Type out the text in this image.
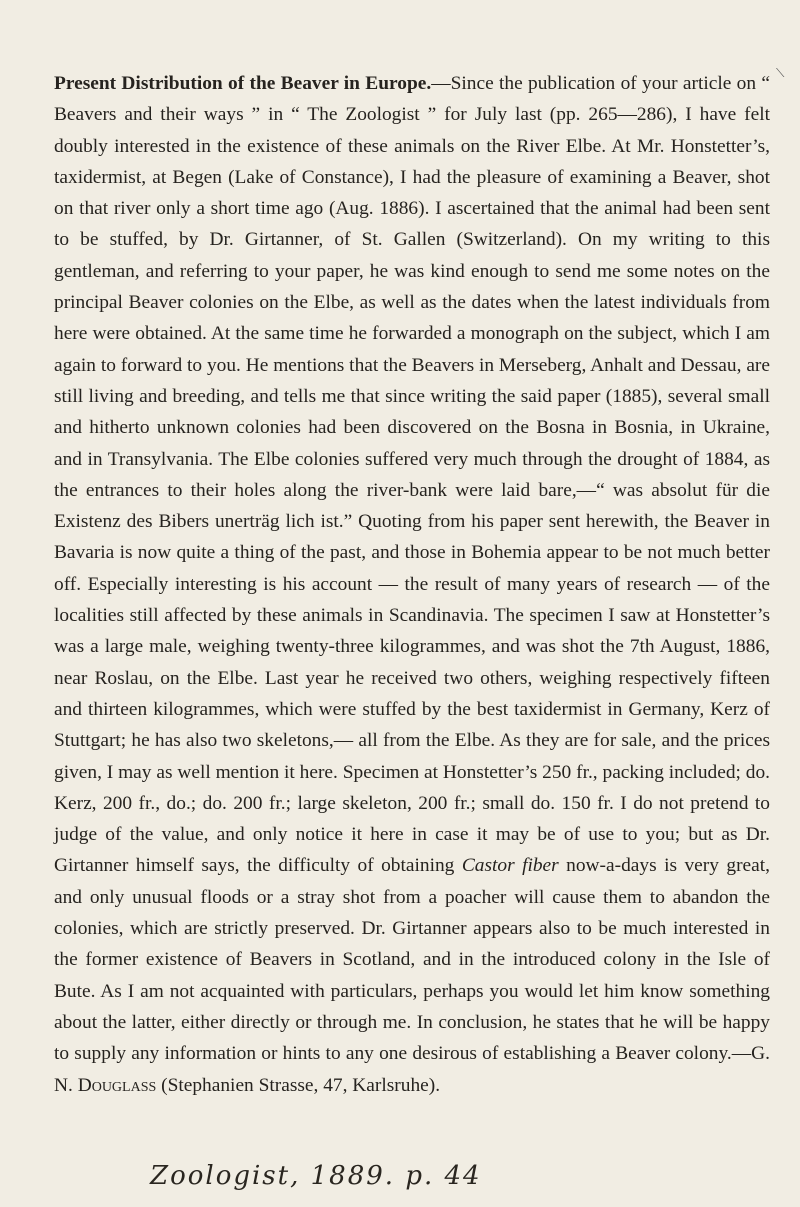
⟍
Present Distribution of the Beaver in Europe.—Since the publication of your article on “ Beavers and their ways ” in “ The Zoologist ” for July last (pp. 265—286), I have felt doubly interested in the existence of these animals on the River Elbe. At Mr. Honstetter’s, taxidermist, at Begen (Lake of Constance), I had the pleasure of examining a Beaver, shot on that river only a short time ago (Aug. 1886). I ascertained that the animal had been sent to be stuffed, by Dr. Girtanner, of St. Gallen (Switzerland). On my writing to this gentleman, and referring to your paper, he was kind enough to send me some notes on the principal Beaver colonies on the Elbe, as well as the dates when the latest individuals from here were obtained. At the same time he forwarded a monograph on the subject, which I am again to forward to you. He mentions that the Beavers in Merseberg, Anhalt and Dessau, are still living and breeding, and tells me that since writing the said paper (1885), several small and hitherto unknown colonies had been discovered on the Bosna in Bosnia, in Ukraine, and in Transylvania. The Elbe colonies suffered very much through the drought of 1884, as the entrances to their holes along the river-bank were laid bare,—“ was absolut für die Existenz des Bibers unerträg lich ist.” Quoting from his paper sent herewith, the Beaver in Bavaria is now quite a thing of the past, and those in Bohemia appear to be not much better off. Especially interesting is his account — the result of many years of research — of the localities still affected by these animals in Scandinavia. The specimen I saw at Honstetter’s was a large male, weighing twenty-three kilogrammes, and was shot the 7th August, 1886, near Roslau, on the Elbe. Last year he received two others, weighing respectively fifteen and thirteen kilogrammes, which were stuffed by the best taxidermist in Germany, Kerz of Stuttgart; he has also two skeletons,— all from the Elbe. As they are for sale, and the prices given, I may as well mention it here. Specimen at Honstetter’s 250 fr., packing included; do. Kerz, 200 fr., do.; do. 200 fr.; large skeleton, 200 fr.; small do. 150 fr. I do not pretend to judge of the value, and only notice it here in case it may be of use to you; but as Dr. Girtanner himself says, the difficulty of obtaining Castor fiber now-a-days is very great, and only unusual floods or a stray shot from a poacher will cause them to abandon the colonies, which are strictly preserved. Dr. Girtanner appears also to be much interested in the former existence of Beavers in Scotland, and in the introduced colony in the Isle of Bute. As I am not acquainted with particulars, perhaps you would let him know something about the latter, either directly or through me. In conclusion, he states that he will be happy to supply any information or hints to any one desirous of establishing a Beaver colony.—G. N. Douglass (Stephanien Strasse, 47, Karlsruhe).
Zoologist, 1889. p. 44
